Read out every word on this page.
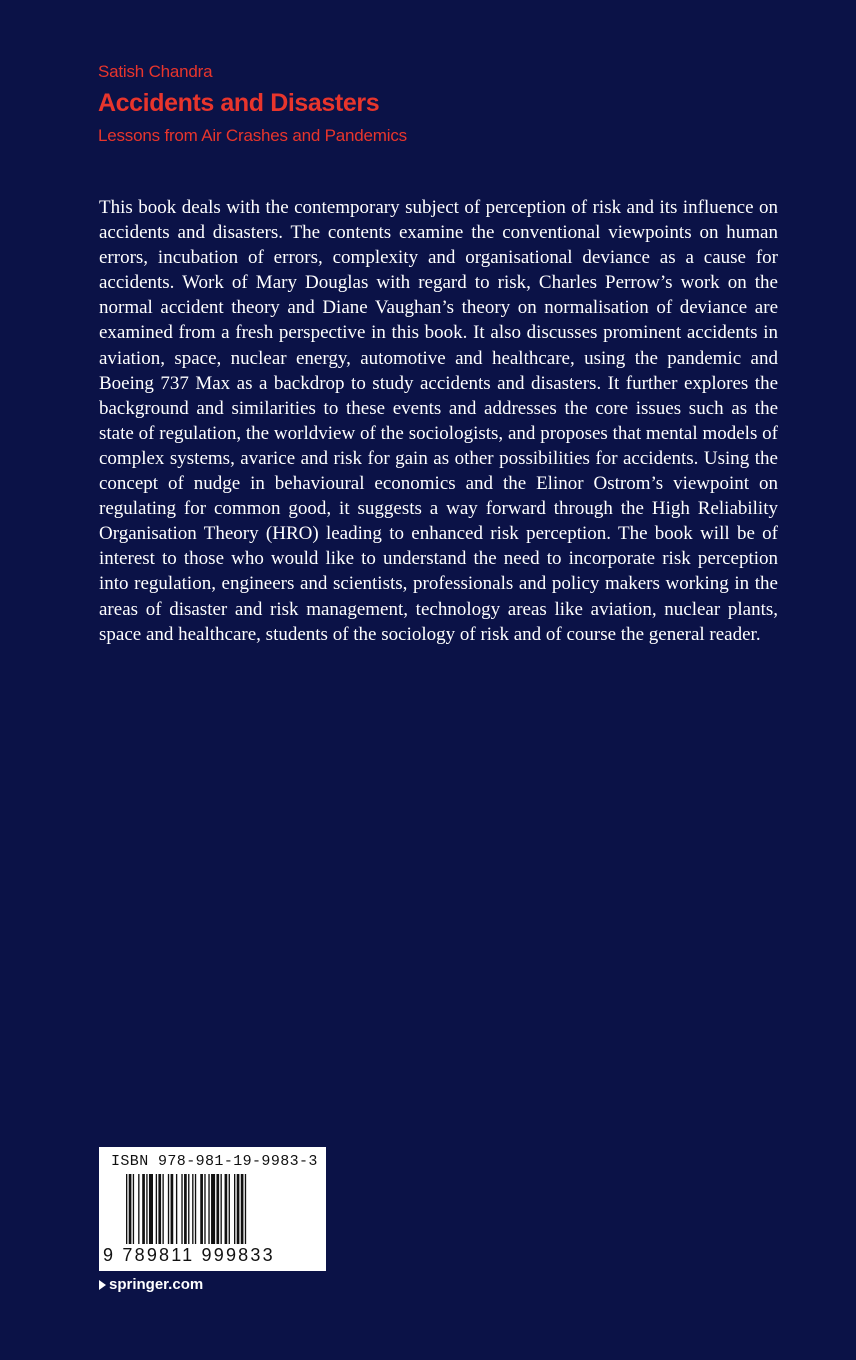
Satish Chandra
Accidents and Disasters
Lessons from Air Crashes and Pandemics

This book deals with the contemporary subject of perception of risk and its influence on accidents and disasters. The contents examine the conventional viewpoints on human errors, incubation of errors, complexity and organisational deviance as a cause for accidents. Work of Mary Douglas with regard to risk, Charles Perrow’s work on the normal accident theory and Diane Vaughan’s theory on normalisation of deviance are examined from a fresh perspective in this book. It also discusses prominent accidents in aviation, space, nuclear energy, automotive and healthcare, using the pandemic and Boeing 737 Max as a backdrop to study accidents and disasters. It further explores the background and similarities to these events and addresses the core issues such as the state of regulation, the worldview of the sociologists, and proposes that mental models of complex systems, avarice and risk for gain as other possibilities for accidents. Using the concept of nudge in behavioural economics and the Elinor Ostrom’s viewpoint on regulating for common good, it suggests a way forward through the High Reliability Organisation Theory (HRO) leading to enhanced risk perception. The book will be of interest to those who would like to understand the need to incorporate risk perception into regulation, engineers and scientists, professionals and policy makers working in the areas of disaster and risk management, technology areas like aviation, nuclear plants, space and healthcare, students of the sociology of risk and of course the general reader.

ISBN 978-981-19-9983-3
9 789811 999833
springer.com
